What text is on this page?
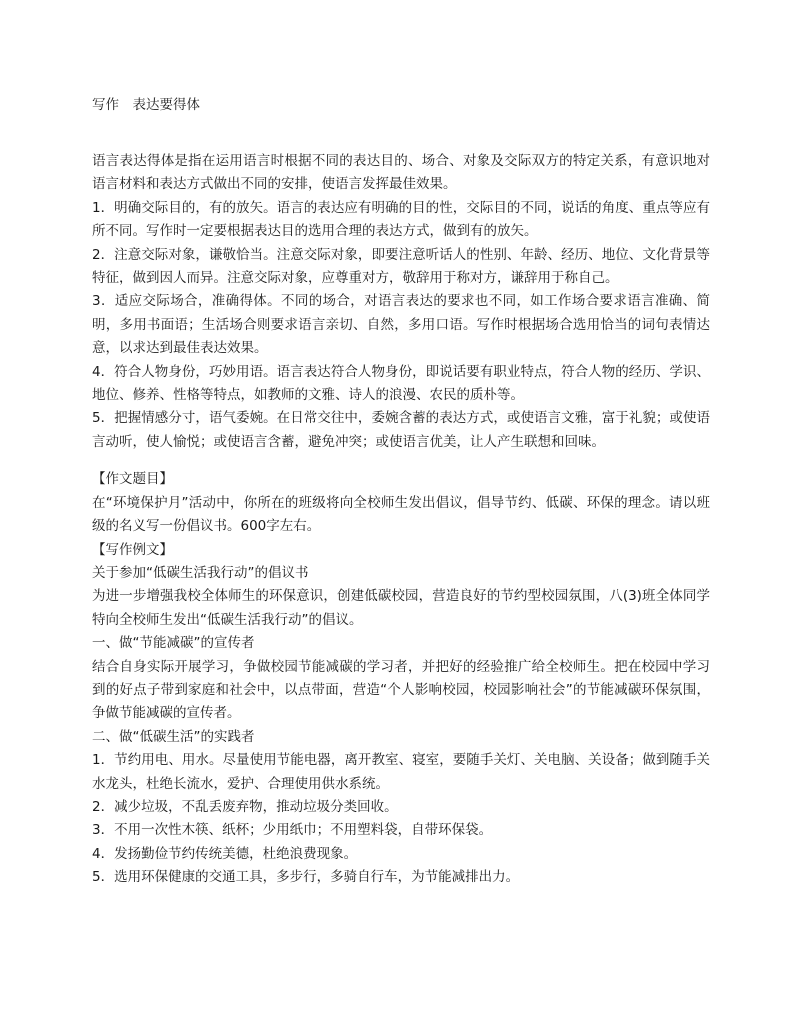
写作　表达要得体

语言表达得体是指在运用语言时根据不同的表达目的、场合、对象及交际双方的特定关系，有意识地对语言材料和表达方式做出不同的安排，使语言发挥最佳效果。

1．明确交际目的，有的放矢。语言的表达应有明确的目的性，交际目的不同，说话的角度、重点等应有所不同。写作时一定要根据表达目的选用合理的表达方式，做到有的放矢。

2．注意交际对象，谦敬恰当。注意交际对象，即要注意听话人的性别、年龄、经历、地位、文化背景等特征，做到因人而异。注意交际对象，应尊重对方，敬辞用于称对方，谦辞用于称自己。

3．适应交际场合，准确得体。不同的场合，对语言表达的要求也不同，如工作场合要求语言准确、简明，多用书面语；生活场合则要求语言亲切、自然，多用口语。写作时根据场合选用恰当的词句表情达意，以求达到最佳表达效果。

4．符合人物身份，巧妙用语。语言表达符合人物身份，即说话要有职业特点，符合人物的经历、学识、地位、修养、性格等特点，如教师的文雅、诗人的浪漫、农民的质朴等。

5．把握情感分寸，语气委婉。在日常交往中，委婉含蓄的表达方式，或使语言文雅，富于礼貌；或使语言动听，使人愉悦；或使语言含蓄，避免冲突；或使语言优美，让人产生联想和回味。

【作文题目】

在“环境保护月”活动中，你所在的班级将向全校师生发出倡议，倡导节约、低碳、环保的理念。请以班级的名义写一份倡议书。600字左右。

【写作例文】

关于参加“低碳生活我行动”的倡议书

为进一步增强我校全体师生的环保意识，创建低碳校园，营造良好的节约型校园氛围，八(3)班全体同学特向全校师生发出“低碳生活我行动”的倡议。

一、做“节能减碳”的宣传者

结合自身实际开展学习，争做校园节能减碳的学习者，并把好的经验推广给全校师生。把在校园中学习到的好点子带到家庭和社会中，以点带面，营造“个人影响校园，校园影响社会”的节能减碳环保氛围，争做节能减碳的宣传者。

二、做“低碳生活”的实践者

1．节约用电、用水。尽量使用节能电器，离开教室、寝室，要随手关灯、关电脑、关设备；做到随手关水龙头，杜绝长流水，爱护、合理使用供水系统。

2．减少垃圾，不乱丢废弃物，推动垃圾分类回收。

3．不用一次性木筷、纸杯；少用纸巾；不用塑料袋，自带环保袋。

4．发扬勤俭节约传统美德，杜绝浪费现象。

5．选用环保健康的交通工具，多步行，多骑自行车，为节能减排出力。
